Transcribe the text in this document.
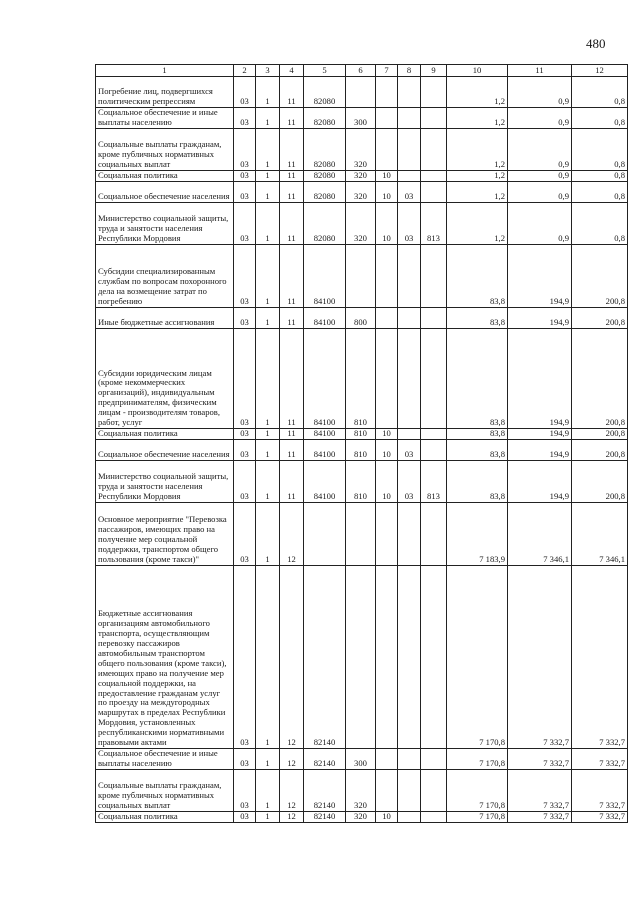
480
1	2	3	4	5	6	7	8	9	10	11	12
Погребение лиц, подвергшихся политическим репрессиям	03	1	11	82080					1,2	0,9	0,8
Социальное обеспечение и иные выплаты населению	03	1	11	82080	300				1,2	0,9	0,8
Социальные выплаты гражданам, кроме публичных нормативных социальных выплат	03	1	11	82080	320				1,2	0,9	0,8
Социальная политика	03	1	11	82080	320	10			1,2	0,9	0,8
Социальное обеспечение населения	03	1	11	82080	320	10	03		1,2	0,9	0,8
Министерство социальной защиты, труда и занятости населения Республики Мордовия	03	1	11	82080	320	10	03	813	1,2	0,9	0,8
Субсидии специализированным службам по вопросам похоронного дела на возмещение затрат по погребению	03	1	11	84100					83,8	194,9	200,8
Иные бюджетные ассигнования	03	1	11	84100	800				83,8	194,9	200,8
Субсидии юридическим лицам (кроме некоммерческих организаций), индивидуальным предпринимателям, физическим лицам - производителям товаров, работ, услуг	03	1	11	84100	810				83,8	194,9	200,8
Социальная политика	03	1	11	84100	810	10			83,8	194,9	200,8
Социальное обеспечение населения	03	1	11	84100	810	10	03		83,8	194,9	200,8
Министерство социальной защиты, труда и занятости населения Республики Мордовия	03	1	11	84100	810	10	03	813	83,8	194,9	200,8
Основное мероприятие "Перевозка пассажиров, имеющих право на получение мер социальной поддержки, транспортом общего пользования (кроме такси)"	03	1	12						7 183,9	7 346,1	7 346,1
Бюджетные ассигнования организациям автомобильного транспорта, осуществляющим перевозку пассажиров автомобильным транспортом общего пользования (кроме такси), имеющих право на получение мер социальной поддержки, на предоставление гражданам услуг по проезду на междугородных маршрутах в пределах Республики Мордовия, установленных республиканскими нормативными правовыми актами	03	1	12	82140					7 170,8	7 332,7	7 332,7
Социальное обеспечение и иные выплаты населению	03	1	12	82140	300				7 170,8	7 332,7	7 332,7
Социальные выплаты гражданам, кроме публичных нормативных социальных выплат	03	1	12	82140	320				7 170,8	7 332,7	7 332,7
Социальная политика	03	1	12	82140	320	10			7 170,8	7 332,7	7 332,7
